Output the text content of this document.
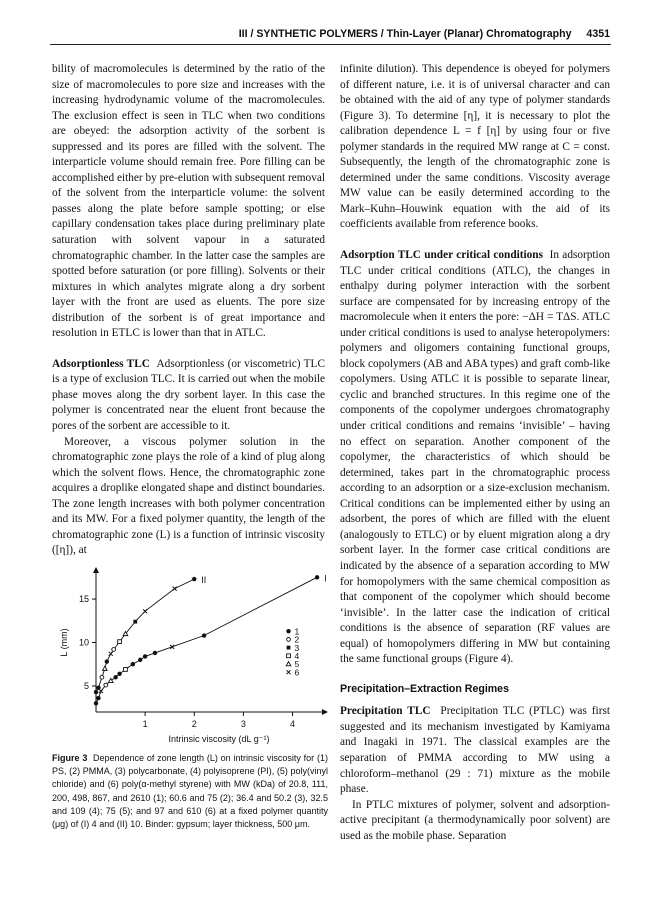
III / SYNTHETIC POLYMERS / Thin-Layer (Planar) Chromatography 4351

bility of macromolecules is determined by the ratio of the size of macromolecules to pore size and increases with the increasing hydrodynamic volume of the macromolecules. The exclusion effect is seen in TLC when two conditions are obeyed: the adsorption activity of the sorbent is suppressed and its pores are filled with the solvent. The interparticle volume should remain free. Pore filling can be accomplished either by pre-elution with subsequent removal of the solvent from the interparticle volume: the solvent passes along the plate before sample spotting; or else capillary condensation takes place during preliminary plate saturation with solvent vapour in a saturated chromatographic chamber. In the latter case the samples are spotted before saturation (or pore filling). Solvents or their mixtures in which analytes migrate along a dry sorbent layer with the front are used as eluents. The pore size distribution of the sorbent is of great importance and resolution in ETLC is lower than that in ATLC.

Adsorptionless TLC Adsorptionless (or viscometric) TLC is a type of exclusion TLC. It is carried out when the mobile phase moves along the dry sorbent layer. In this case the polymer is concentrated near the eluent front because the pores of the sorbent are accessible to it.

Moreover, a viscous polymer solution in the chromatographic zone plays the role of a kind of plug along which the solvent flows. Hence, the chromatographic zone acquires a droplike elongated shape and distinct boundaries. The zone length increases with both polymer concentration and its MW. For a fixed polymer quantity, the length of the chromatographic zone (L) is a function of intrinsic viscosity ([η]), at

infinite dilution). This dependence is obeyed for polymers of different nature, i.e. it is of universal character and can be obtained with the aid of any type of polymer standards (Figure 3). To determine [η], it is necessary to plot the calibration dependence L = f [η] by using four or five polymer standards in the required MW range at C = const. Subsequently, the length of the chromatographic zone is determined under the same conditions. Viscosity average MW value can be easily determined according to the Mark–Kuhn–Houwink equation with the aid of its coefficients available from reference books.

Adsorption TLC under critical conditions In adsorption TLC under critical conditions (ATLC), the changes in enthalpy during polymer interaction with the sorbent surface are compensated for by increasing entropy of the macromolecule when it enters the pore: −ΔH = TΔS. ATLC under critical conditions is used to analyse heteropolymers: polymers and oligomers containing functional groups, block copolymers (AB and ABA types) and graft comb-like copolymers. Using ATLC it is possible to separate linear, cyclic and branched structures. In this regime one of the components of the copolymer undergoes chromatography under critical conditions and remains ‘invisible’ – having no effect on separation. Another component of the copolymer, the characteristics of which should be determined, takes part in the chromatographic process according to an adsorption or a size-exclusion mechanism. Critical conditions can be implemented either by using an adsorbent, the pores of which are filled with the eluent (analogously to ETLC) or by eluent migration along a dry sorbent layer. In the former case critical conditions are indicated by the absence of a separation according to MW for homopolymers with the same chemical composition as that component of the copolymer which should become ‘invisible’. In the latter case the indication of critical conditions is the absence of separation (RF values are equal) of homopolymers differing in MW but containing the same functional groups (Figure 4).

Precipitation–Extraction Regimes

Precipitation TLC Precipitation TLC (PTLC) was first suggested and its mechanism investigated by Kamiyama and Inagaki in 1971. The classical examples are the separation of PMMA according to MW using a chloroform–methanol (29 : 71) mixture as the mobile phase.

In PTLC mixtures of polymer, solvent and adsorption-active precipitant (a thermodynamically poor solvent) are used as the mobile phase. Separation

1	2	3	4
5
10
15
Intrinsic viscosity (dL g⁻¹)
L (mm)
II	I
1
2
3
4
5
6
Figure 3 Dependence of zone length (L) on intrinsic viscosity for (1) PS, (2) PMMA, (3) polycarbonate, (4) polyisoprene (PI), (5) poly(vinyl chloride) and (6) poly(α-methyl styrene) with MW (kDa) of 20.8, 111, 200, 498, 867, and 2610 (1); 60.6 and 75 (2); 36.4 and 50.2 (3), 32.5 and 109 (4); 75 (5); and 97 and 610 (6) at a fixed polymer quantity (μg) of (I) 4 and (II) 10. Binder: gypsum; layer thickness, 500 μm.
